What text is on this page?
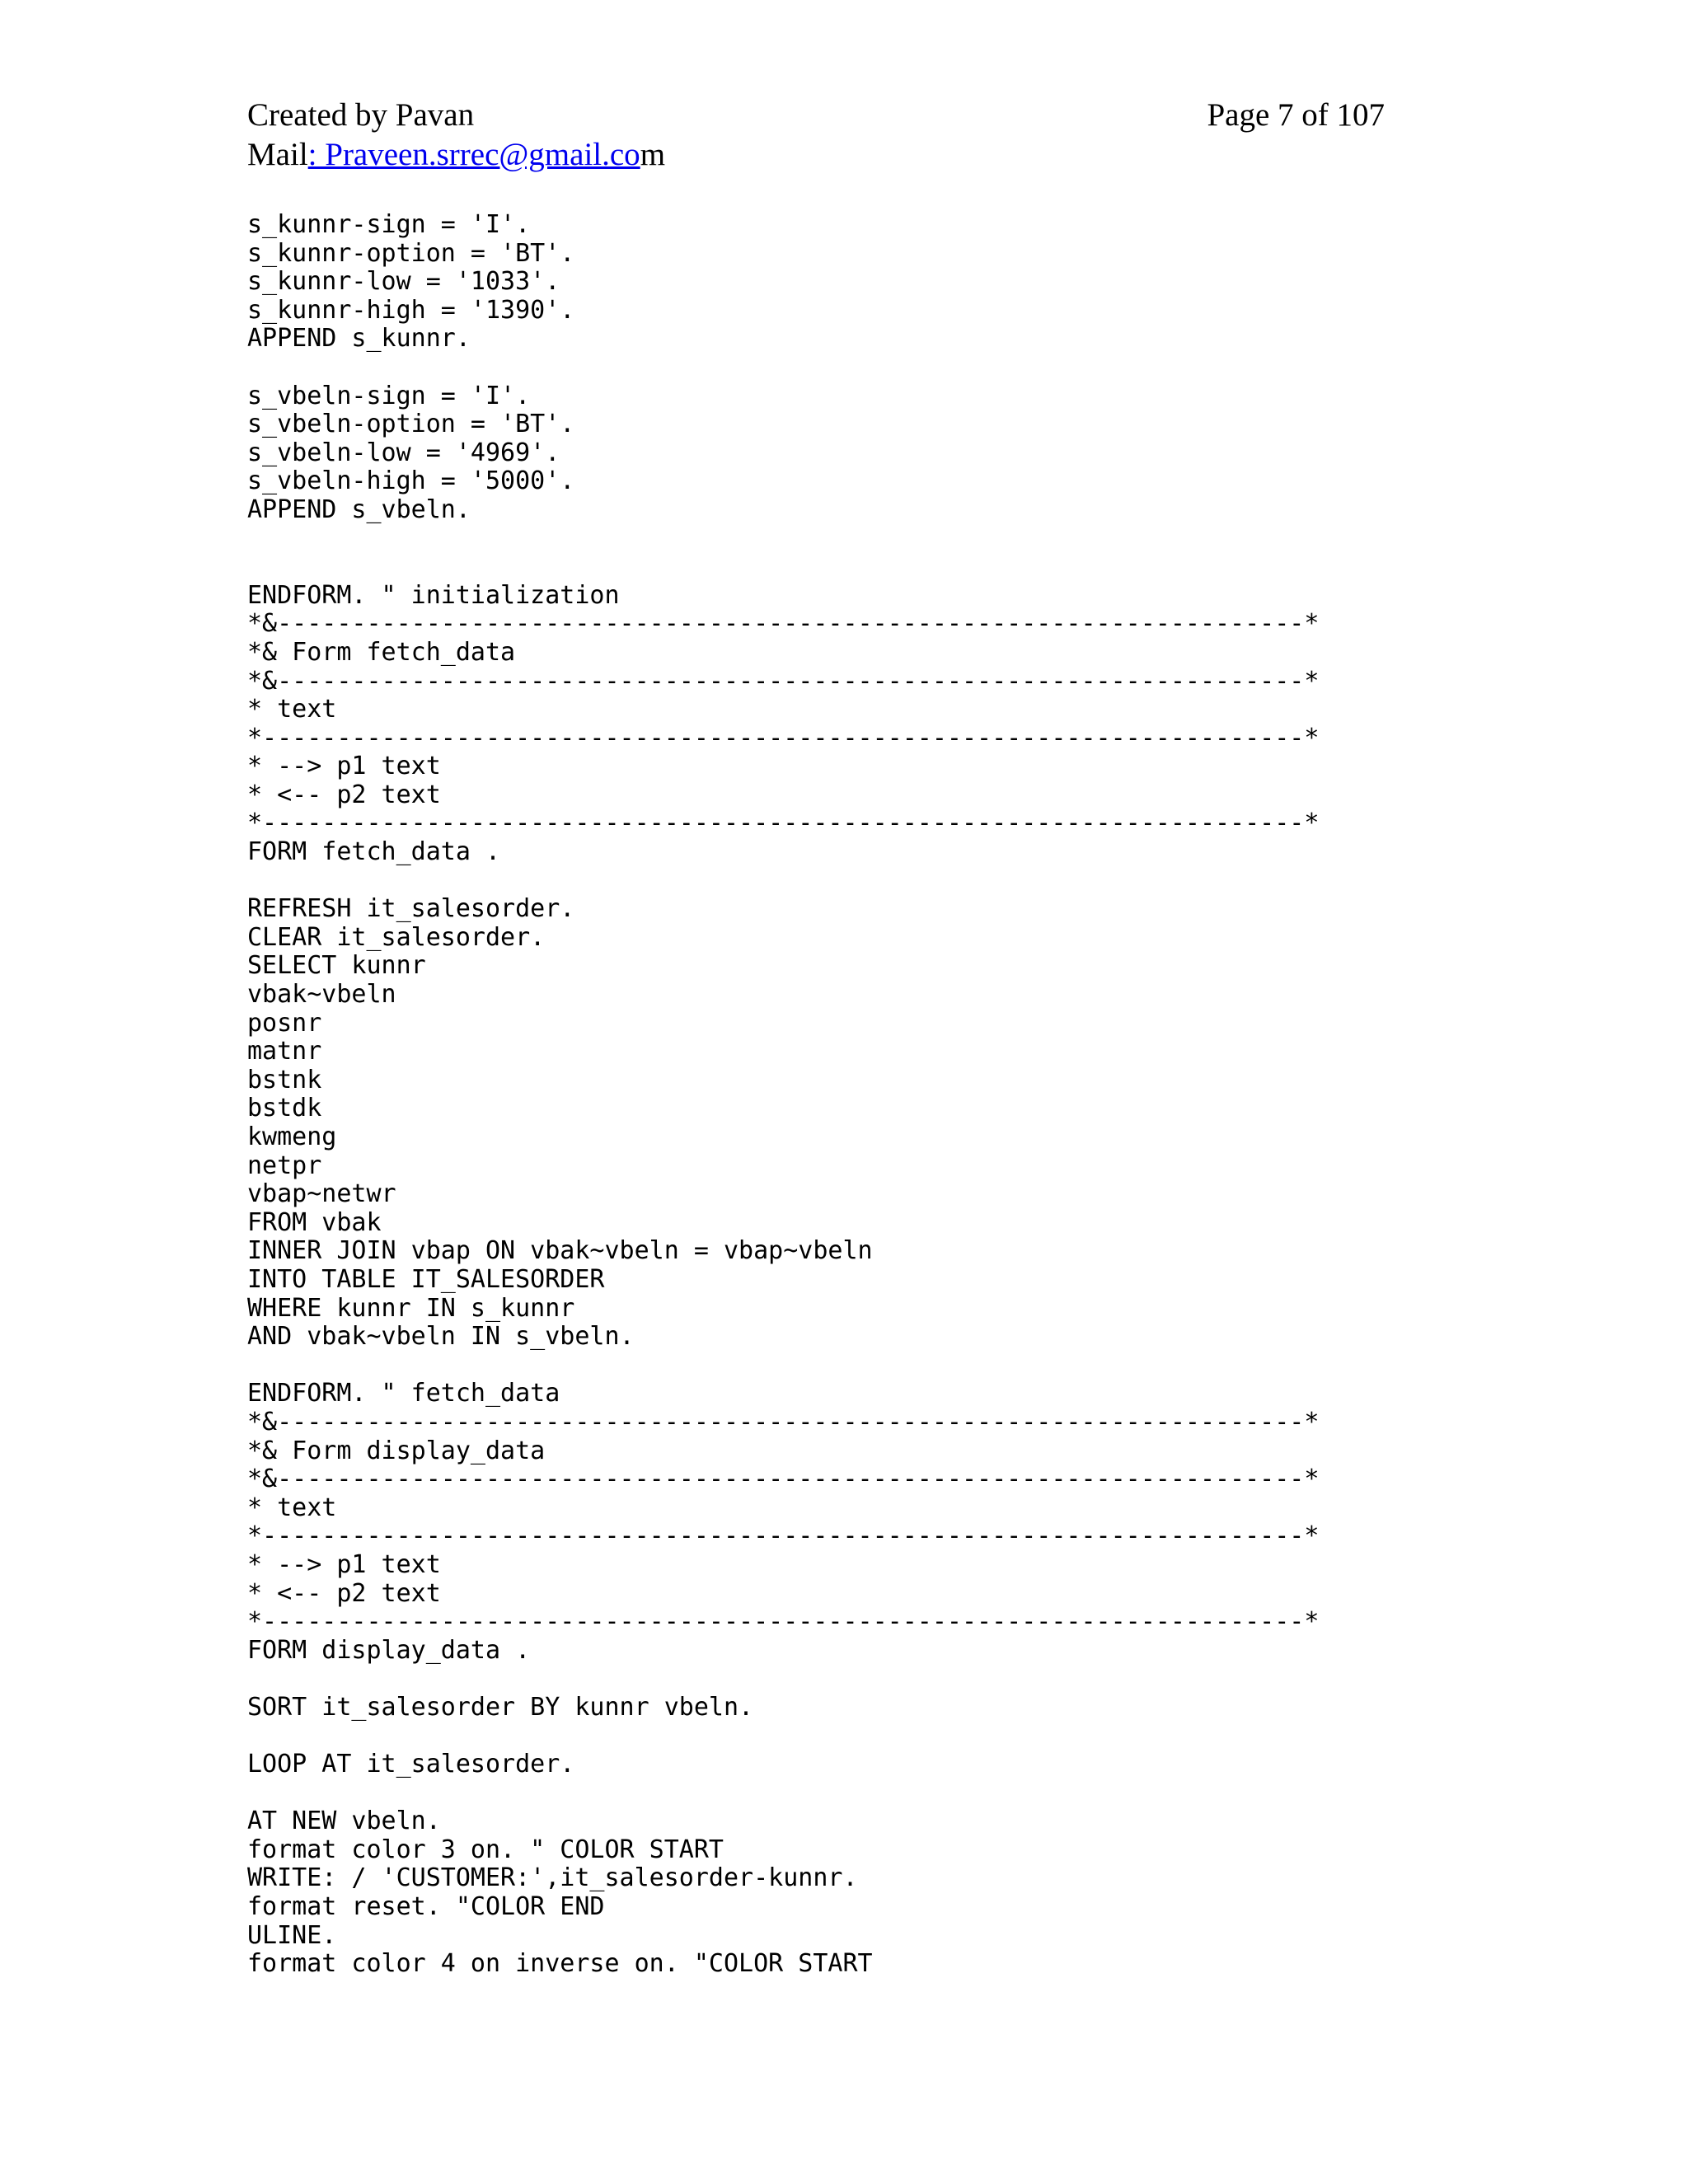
Created by Pavan	Page 7 of 107
Mail: Praveen.srrec@gmail.com
s_kunnr-sign = 'I'.
s_kunnr-option = 'BT'.
s_kunnr-low = '1033'.
s_kunnr-high = '1390'.
APPEND s_kunnr.
s_vbeln-sign = 'I'.
s_vbeln-option = 'BT'.
s_vbeln-low = '4969'.
s_vbeln-high = '5000'.
APPEND s_vbeln.
ENDFORM. " initialization
*&---------------------------------------------------------------------*
*& Form fetch_data
*&---------------------------------------------------------------------*
* text
*----------------------------------------------------------------------*
* --> p1 text
* <-- p2 text
*----------------------------------------------------------------------*
FORM fetch_data .
REFRESH it_salesorder.
CLEAR it_salesorder.
SELECT kunnr
vbak~vbeln
posnr
matnr
bstnk
bstdk
kwmeng
netpr
vbap~netwr
FROM vbak
INNER JOIN vbap ON vbak~vbeln = vbap~vbeln
INTO TABLE IT_SALESORDER
WHERE kunnr IN s_kunnr
AND vbak~vbeln IN s_vbeln.
ENDFORM. " fetch_data
*&---------------------------------------------------------------------*
*& Form display_data
*&---------------------------------------------------------------------*
* text
*----------------------------------------------------------------------*
* --> p1 text
* <-- p2 text
*----------------------------------------------------------------------*
FORM display_data .
SORT it_salesorder BY kunnr vbeln.
LOOP AT it_salesorder.
AT NEW vbeln.
format color 3 on. " COLOR START
WRITE: / 'CUSTOMER:',it_salesorder-kunnr.
format reset. "COLOR END
ULINE.
format color 4 on inverse on. "COLOR START
